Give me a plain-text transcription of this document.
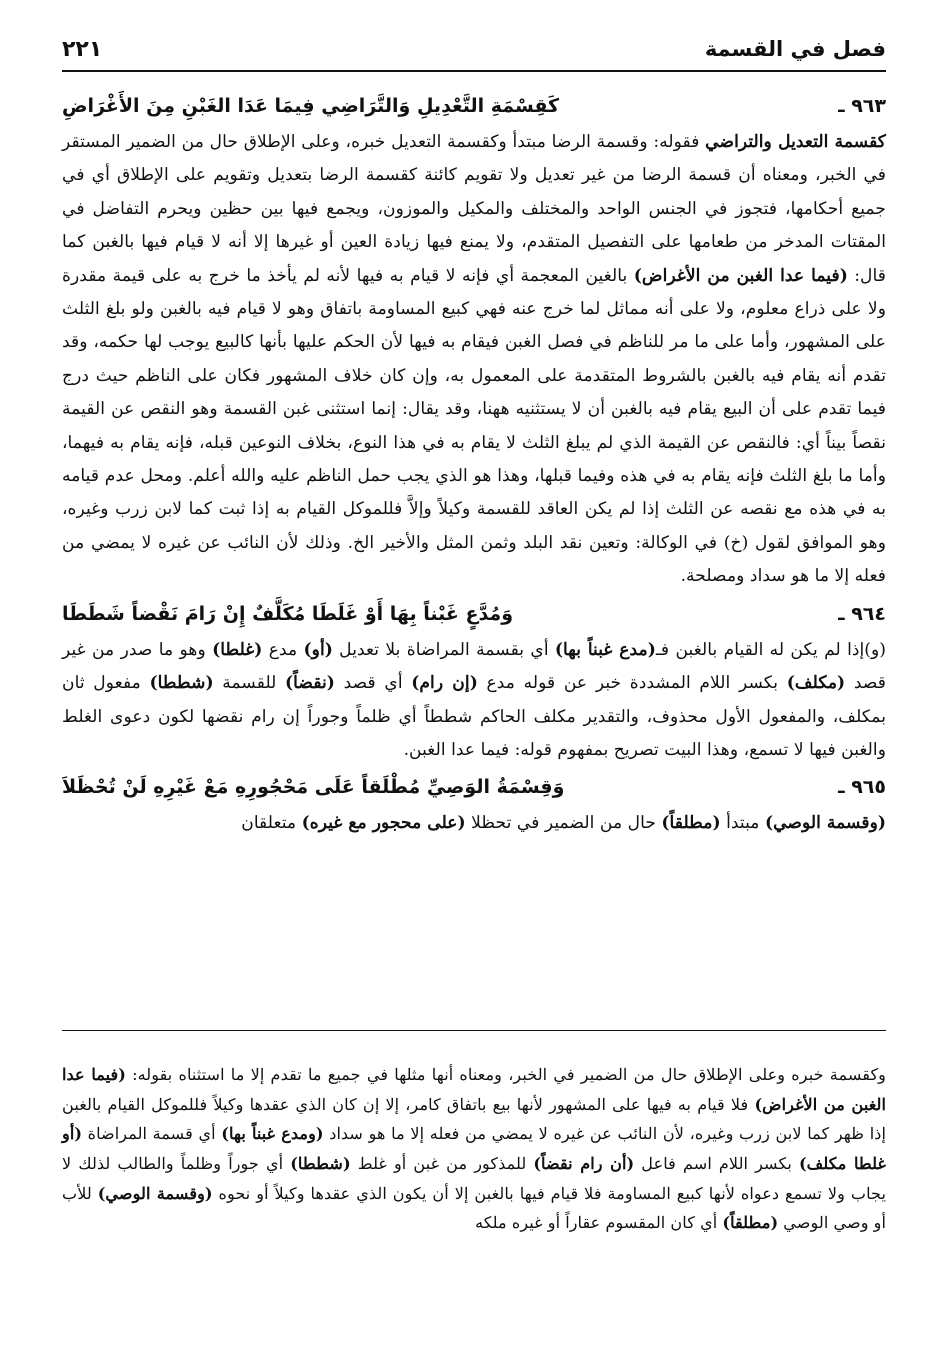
فصل في القسمة
٢٢١
٩٦٣ ـ
كَقِسْمَةِ التَّعْدِيلِ وَالتَّرَاضِي فِيمَا عَدَا الغَبْنِ مِنَ الأَغْرَاضِ

كقسمة التعديل والتراضي فقوله: وقسمة الرضا مبتدأ وكقسمة التعديل خبره، وعلى الإطلاق حال من الضمير المستقر في الخبر، ومعناه أن قسمة الرضا من غير تعديل ولا تقويم كائنة كقسمة الرضا بتعديل وتقويم على الإطلاق أي في جميع أحكامها، فتجوز في الجنس الواحد والمختلف والمكيل والموزون، ويجمع فيها بين حظين ويحرم التفاضل في المقتات المدخر من طعامها على التفصيل المتقدم، ولا يمنع فيها زيادة العين أو غيرها إلا أنه لا قيام فيها بالغبن كما قال: (فيما عدا الغبن من الأغراض) بالغين المعجمة أي فإنه لا قيام به فيها لأنه لم يأخذ ما خرج به على قيمة مقدرة ولا على ذراع معلوم، ولا على أنه مماثل لما خرج عنه فهي كبيع المساومة باتفاق وهو لا قيام فيه بالغبن ولو بلغ الثلث على المشهور، وأما على ما مر للناظم في فصل الغبن فيقام به فيها لأن الحكم عليها بأنها كالبيع يوجب لها حكمه، وقد تقدم أنه يقام فيه بالغبن بالشروط المتقدمة على المعمول به، وإن كان خلاف المشهور فكان على الناظم حيث درج فيما تقدم على أن البيع يقام فيه بالغبن أن لا يستثنيه ههنا، وقد يقال: إنما استثنى غبن القسمة وهو النقص عن القيمة نقصاً بيناً أي: فالنقص عن القيمة الذي لم يبلغ الثلث لا يقام به في هذا النوع، بخلاف النوعين قبله، فإنه يقام به فيهما، وأما ما بلغ الثلث فإنه يقام به في هذه وفيما قبلها، وهذا هو الذي يجب حمل الناظم عليه والله أعلم. ومحل عدم قيامه به في هذه مع نقصه عن الثلث إذا لم يكن العاقد للقسمة وكيلاً وإلاَّ فللموكل القيام به إذا ثبت كما لابن زرب وغيره، وهو الموافق لقول (خ) في الوكالة: وتعين نقد البلد وثمن المثل والأخير الخ. وذلك لأن النائب عن غيره لا يمضي من فعله إلا ما هو سداد ومصلحة.

٩٦٤ ـ
وَمُدَّعٍ غَبْناً بِهَا أَوْ غَلَطَا مُكَلَّفٌ إِنْ رَامَ نَقْضاً شَطَطَا

(و)إذا لم يكن له القيام بالغبن فـ(مدع غبناً بها) أي بقسمة المراضاة بلا تعديل (أو) مدع (غلطا) وهو ما صدر من غير قصد (مكلف) بكسر اللام المشددة خبر عن قوله مدع (إن رام) أي قصد (نقضاً) للقسمة (شططا) مفعول ثان بمكلف، والمفعول الأول محذوف، والتقدير مكلف الحاكم شططاً أي ظلماً وجوراً إن رام نقضها لكون دعوى الغلط والغبن فيها لا تسمع، وهذا البيت تصريح بمفهوم قوله: فيما عدا الغبن.

٩٦٥ ـ
وَقِسْمَةُ الوَصِيِّ مُطْلَقاً عَلَى مَحْجُورِهِ مَعْ غَيْرِهِ لَنْ تُحْظَلاَ

(وقسمة الوصي) مبتدأ (مطلقاً) حال من الضمير في تحظلا (على محجور مع غيره) متعلقان

وكقسمة خبره وعلى الإطلاق حال من الضمير في الخبر، ومعناه أنها مثلها في جميع ما تقدم إلا ما استثناه بقوله: (فيما عدا الغبن من الأغراض) فلا قيام به فيها على المشهور لأنها بيع باتفاق كامر، إلا إن كان الذي عقدها وكيلاً فللموكل القيام بالغبن إذا ظهر كما لابن زرب وغيره، لأن النائب عن غيره لا يمضي من فعله إلا ما هو سداد (ومدع غبناً بها) أي قسمة المراضاة (أو غلطا مكلف) بكسر اللام اسم فاعل (أن رام نقضاً) للمذكور من غبن أو غلط (شططا) أي جوراً وظلماً والطالب لذلك لا يجاب ولا تسمع دعواه لأنها كبيع المساومة فلا قيام فيها بالغبن إلا أن يكون الذي عقدها وكيلاً أو نحوه (وقسمة الوصي) للأب أو وصي الوصي (مطلقاً) أي كان المقسوم عقاراً أو غيره ملكه
